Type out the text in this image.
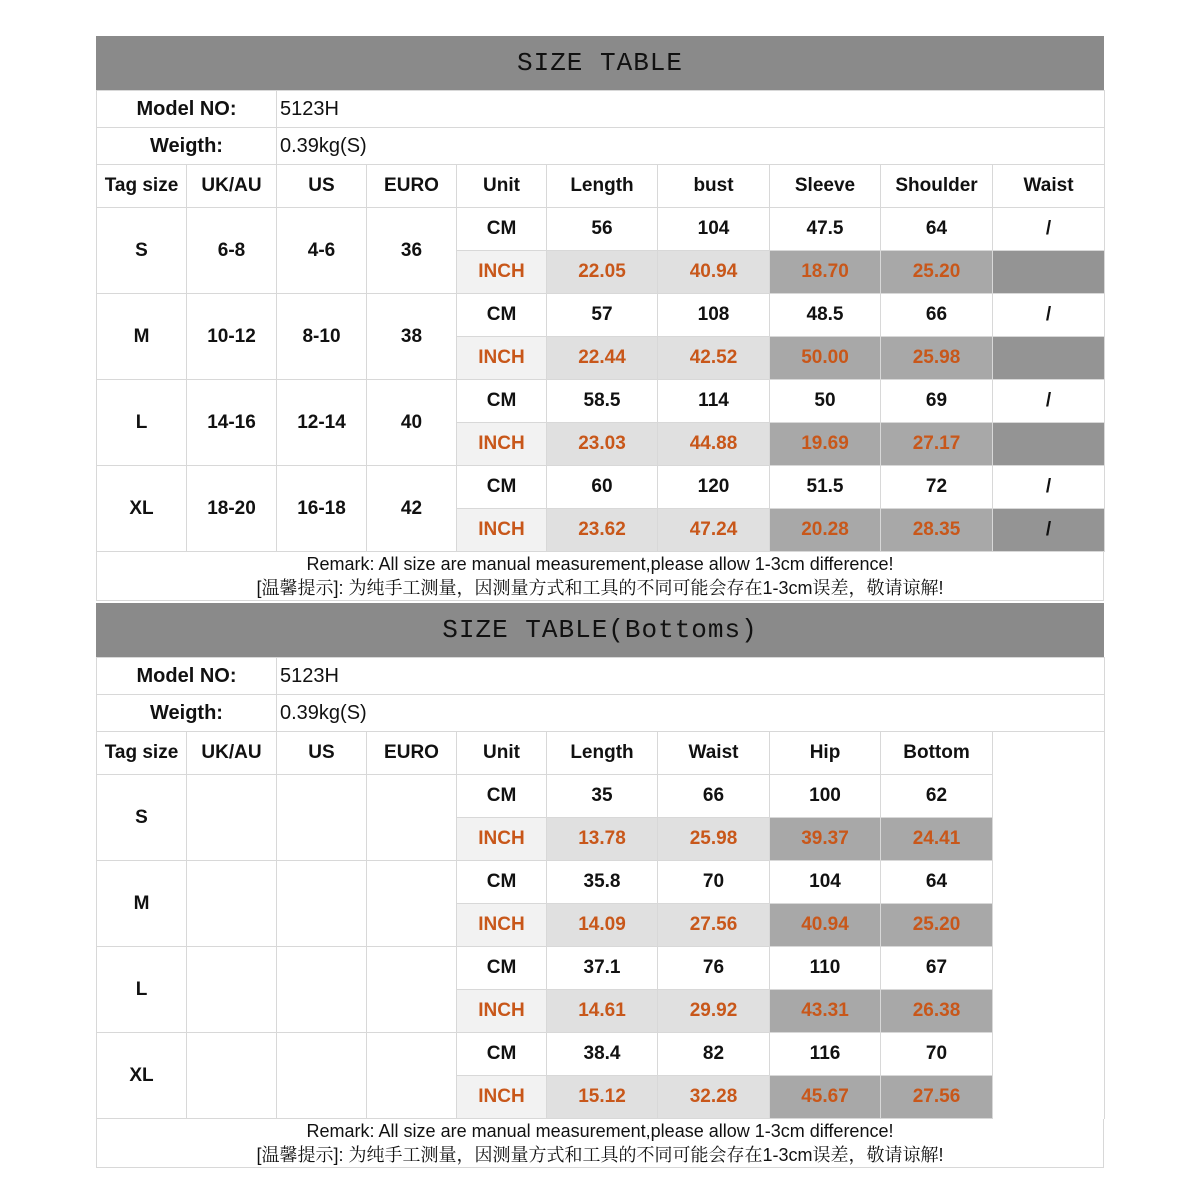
SIZE TABLE
Model NO:		5123H							
Weigth:		0.39kg(S)							
Tag size	UK/AU	US	EURO	Unit	Length	bust	Sleeve	Shoulder	Waist
S	6-8	4-6	36	CM	56	104	47.5	64	/
				INCH	22.05	40.94	18.70	25.20	
M	10-12	8-10	38	CM	57	108	48.5	66	/
				INCH	22.44	42.52	50.00	25.98	
L	14-16	12-14	40	CM	58.5	114	50	69	/
				INCH	23.03	44.88	19.69	27.17	
XL	18-20	16-18	42	CM	60	120	51.5	72	/
				INCH	23.62	47.24	20.28	28.35	/
Remark: All size are manual measurement,please allow 1-3cm difference!
[温馨提示]: 为纯手工测量，因测量方式和工具的不同可能会存在1-3cm误差，敬请谅解!
SIZE TABLE(Bottoms)
Model NO:		5123H							
Weigth:		0.39kg(S)							
Tag size	UK/AU	US	EURO	Unit	Length	Waist	Hip	Bottom	
S				CM	35	66	100	62	
				INCH	13.78	25.98	39.37	24.41	
M				CM	35.8	70	104	64	
				INCH	14.09	27.56	40.94	25.20	
L				CM	37.1	76	110	67	
				INCH	14.61	29.92	43.31	26.38	
XL				CM	38.4	82	116	70	
				INCH	15.12	32.28	45.67	27.56	
Remark: All size are manual measurement,please allow 1-3cm difference!
[温馨提示]: 为纯手工测量，因测量方式和工具的不同可能会存在1-3cm误差，敬请谅解!
